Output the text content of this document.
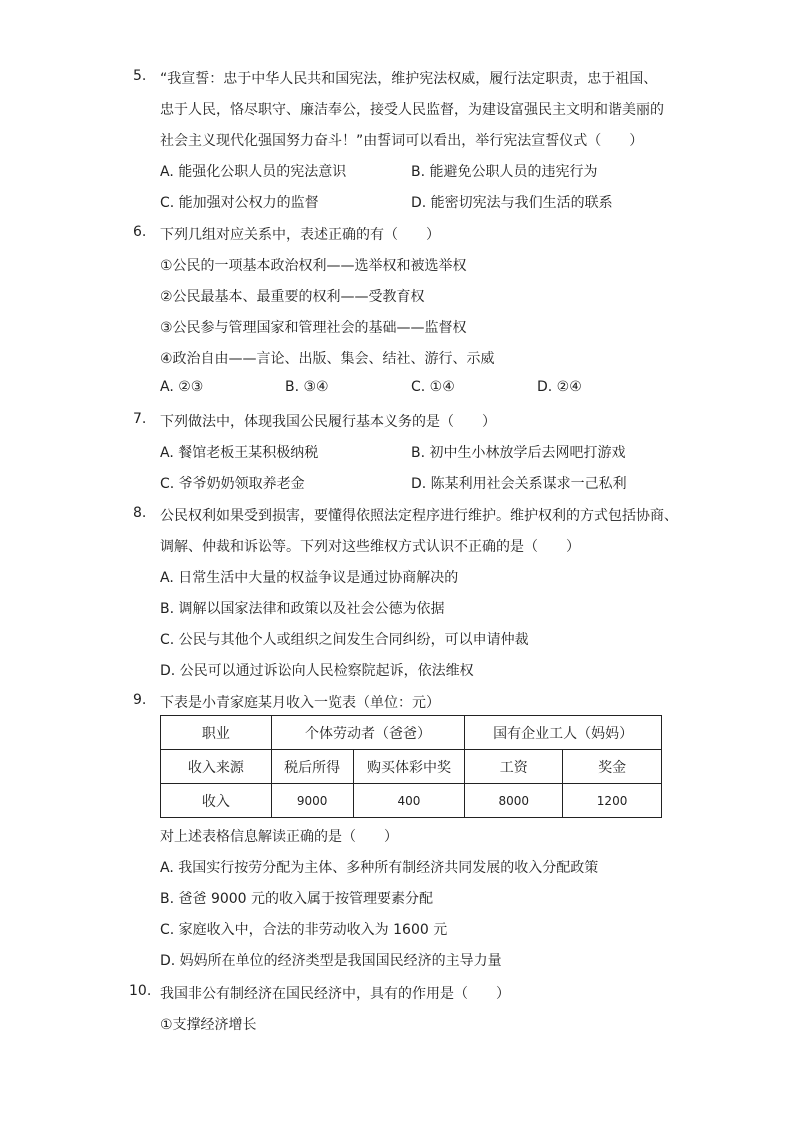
5. “我宣誓：忠于中华人民共和国宪法，维护宪法权威，履行法定职责，忠于祖国、
忠于人民，恪尽职守、廉洁奉公，接受人民监督，为建设富强民主文明和谐美丽的
社会主义现代化强国努力奋斗！”由誓词可以看出，举行宪法宣誓仪式（　　）
A. 能强化公职人员的宪法意识	B. 能避免公职人员的违宪行为
C. 能加强对公权力的监督	D. 能密切宪法与我们生活的联系
6. 下列几组对应关系中，表述正确的有（　　）
①公民的一项基本政治权利——选举权和被选举权
②公民最基本、最重要的权利——受教育权
③公民参与管理国家和管理社会的基础——监督权
④政治自由——言论、出版、集会、结社、游行、示威
A. ②③	B. ③④	C. ①④	D. ②④
7. 下列做法中，体现我国公民履行基本义务的是（　　）
A. 餐馆老板王某积极纳税	B. 初中生小林放学后去网吧打游戏
C. 爷爷奶奶领取养老金	D. 陈某利用社会关系谋求一己私利
8. 公民权利如果受到损害，要懂得依照法定程序进行维护。维护权利的方式包括协商、
调解、仲裁和诉讼等。下列对这些维权方式认识不正确的是（　　）
A. 日常生活中大量的权益争议是通过协商解决的
B. 调解以国家法律和政策以及社会公德为依据
C. 公民与其他个人或组织之间发生合同纠纷，可以申请仲裁
D. 公民可以通过诉讼向人民检察院起诉，依法维权
9. 下表是小青家庭某月收入一览表（单位：元）
职业	个体劳动者（爸爸）		国有企业工人（妈妈）	
收入来源	税后所得	购买体彩中奖	工资	奖金
收入	9000	400	8000	1200
对上述表格信息解读正确的是（　　）
A. 我国实行按劳分配为主体、多种所有制经济共同发展的收入分配政策
B. 爸爸 9000 元的收入属于按管理要素分配
C. 家庭收入中，合法的非劳动收入为 1600 元
D. 妈妈所在单位的经济类型是我国国民经济的主导力量
10. 我国非公有制经济在国民经济中，具有的作用是（　　）
①支撑经济增长
